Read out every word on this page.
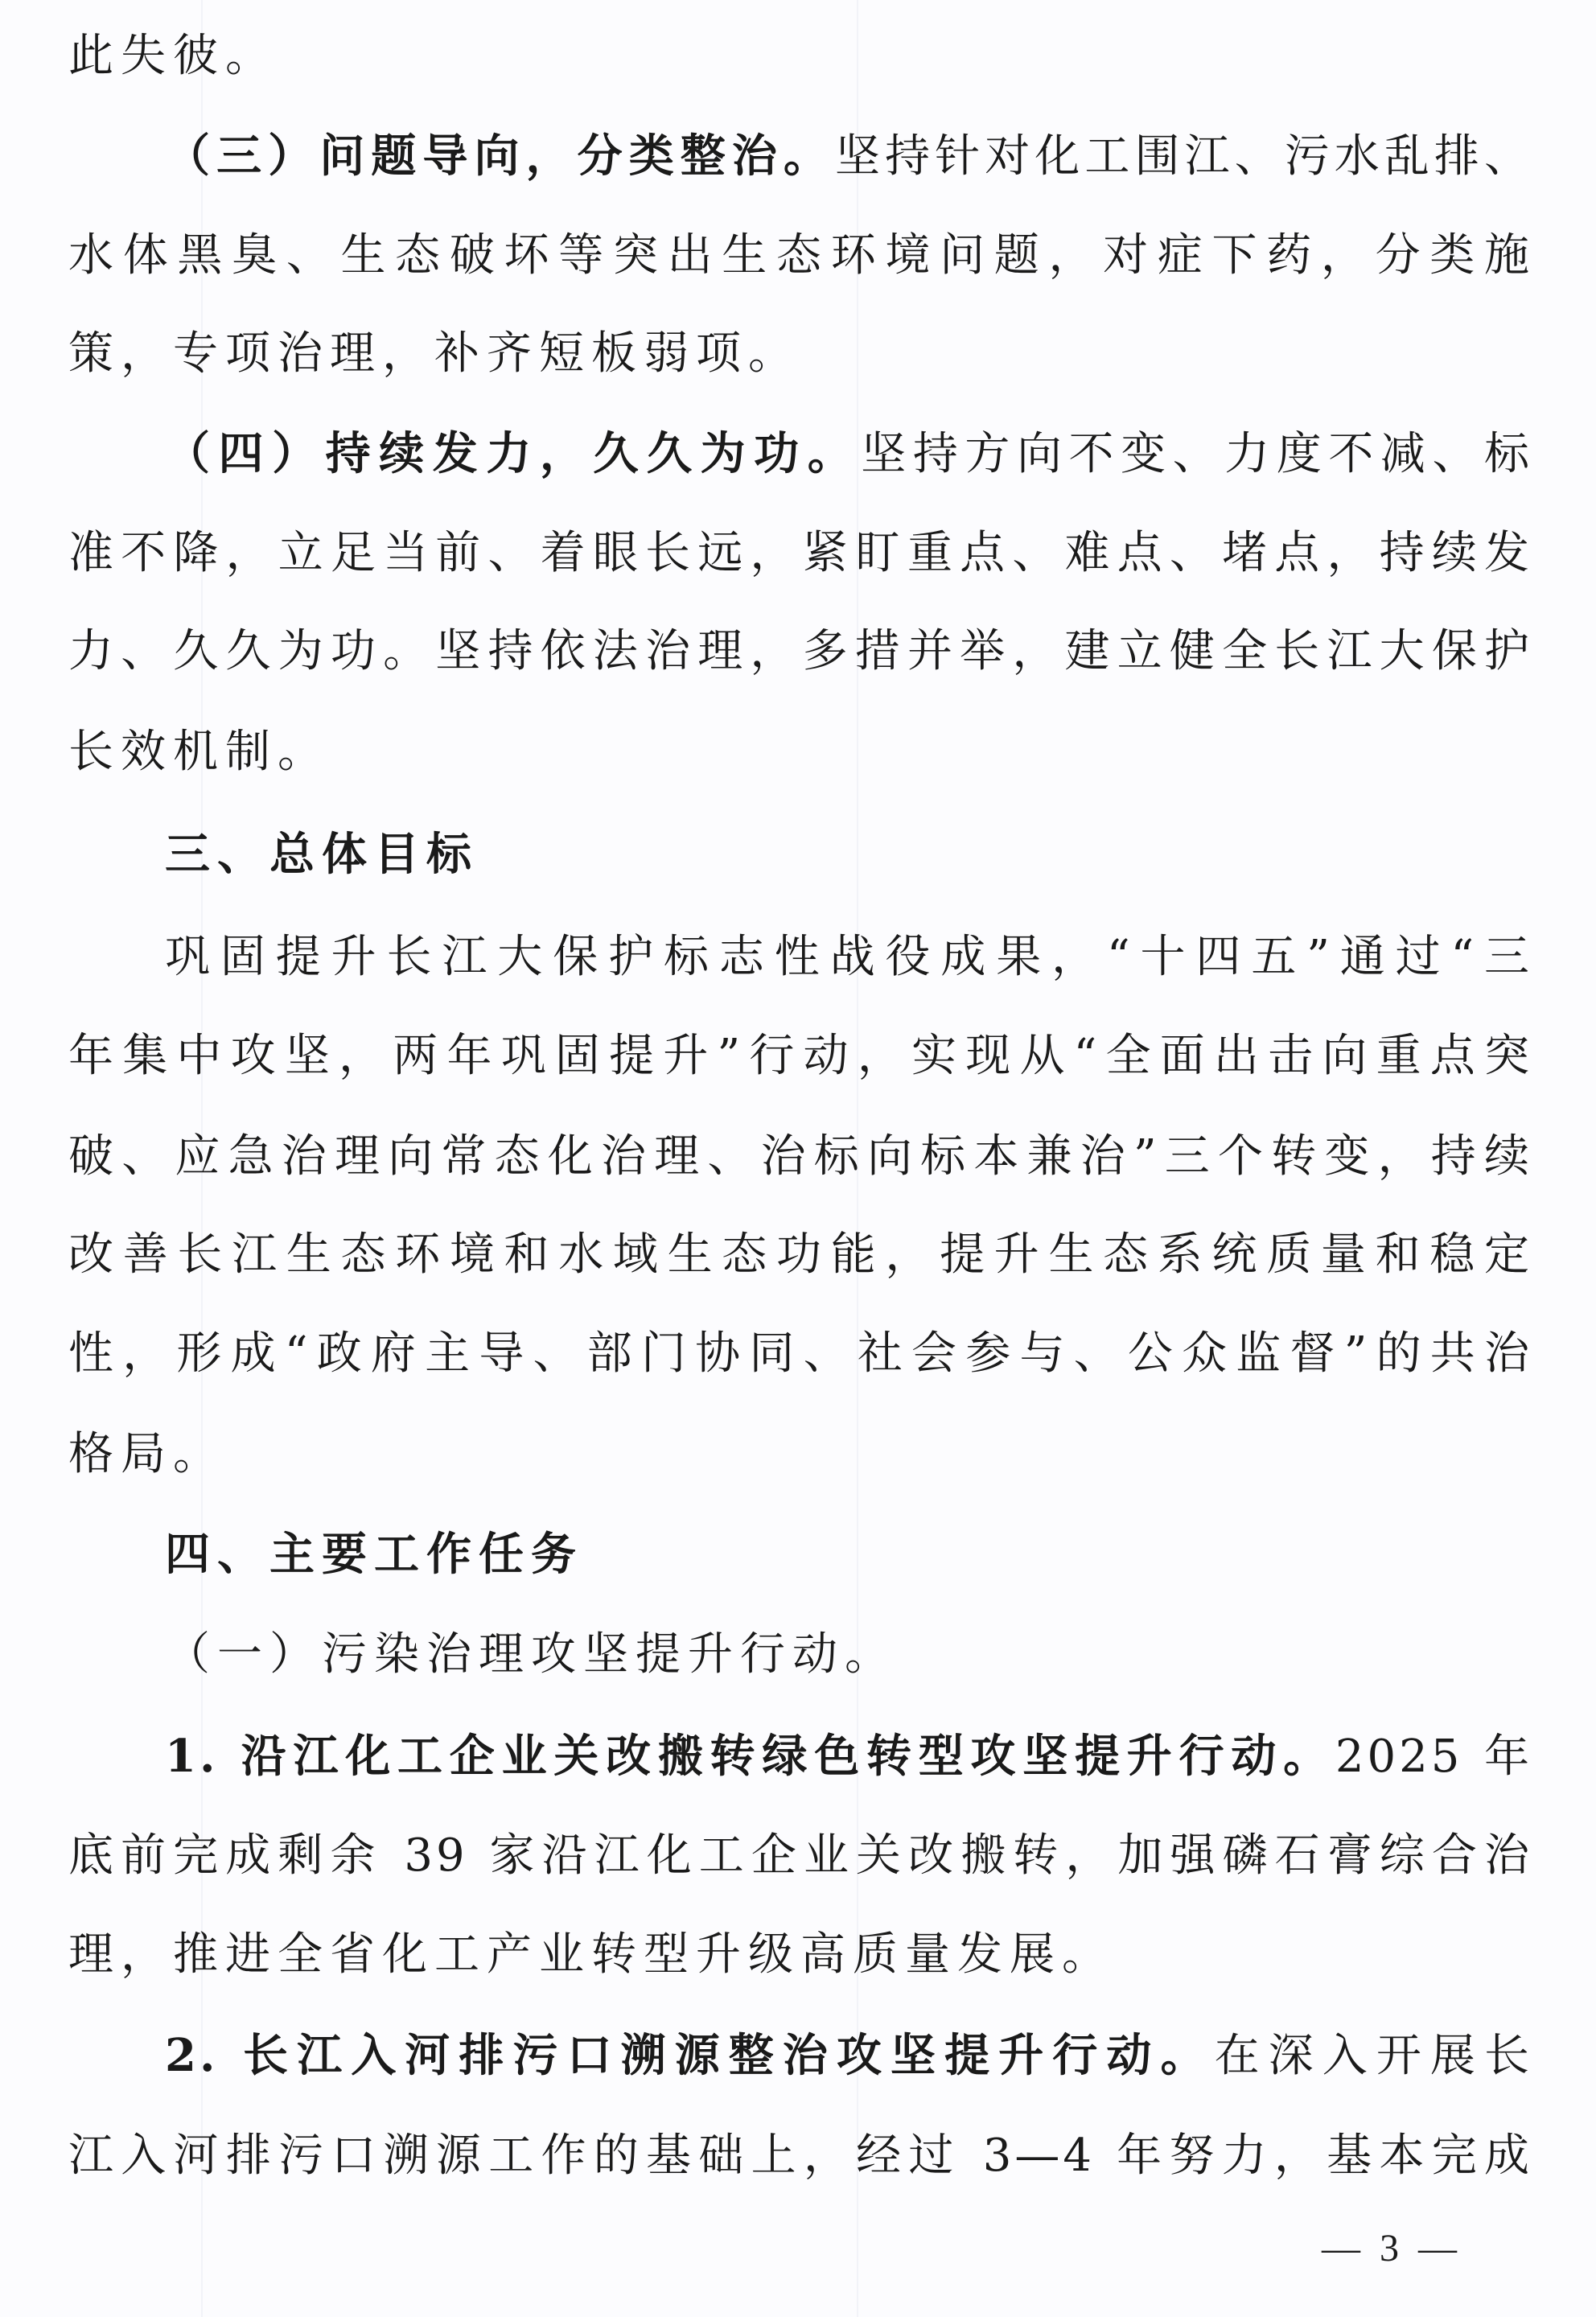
此失彼。
（三）问题导向，分类整治。坚持针对化工围江、污水乱排、
水体黑臭、生态破坏等突出生态环境问题，对症下药，分类施
策，专项治理，补齐短板弱项。
（四）持续发力，久久为功。坚持方向不变、力度不减、标
准不降，立足当前、着眼长远，紧盯重点、难点、堵点，持续发
力、久久为功。坚持依法治理，多措并举，建立健全长江大保护
长效机制。
三、总体目标
巩固提升长江大保护标志性战役成果，“十四五”通过“三
年集中攻坚，两年巩固提升”行动，实现从“全面出击向重点突
破、应急治理向常态化治理、治标向标本兼治”三个转变，持续
改善长江生态环境和水域生态功能，提升生态系统质量和稳定
性，形成“政府主导、部门协同、社会参与、公众监督”的共治
格局。
四、主要工作任务
（一）污染治理攻坚提升行动。
1. 沿江化工企业关改搬转绿色转型攻坚提升行动。2025 年
底前完成剩余 39 家沿江化工企业关改搬转，加强磷石膏综合治
理，推进全省化工产业转型升级高质量发展。
2. 长江入河排污口溯源整治攻坚提升行动。在深入开展长
江入河排污口溯源工作的基础上，经过 3—4 年努力，基本完成
— 3 —
